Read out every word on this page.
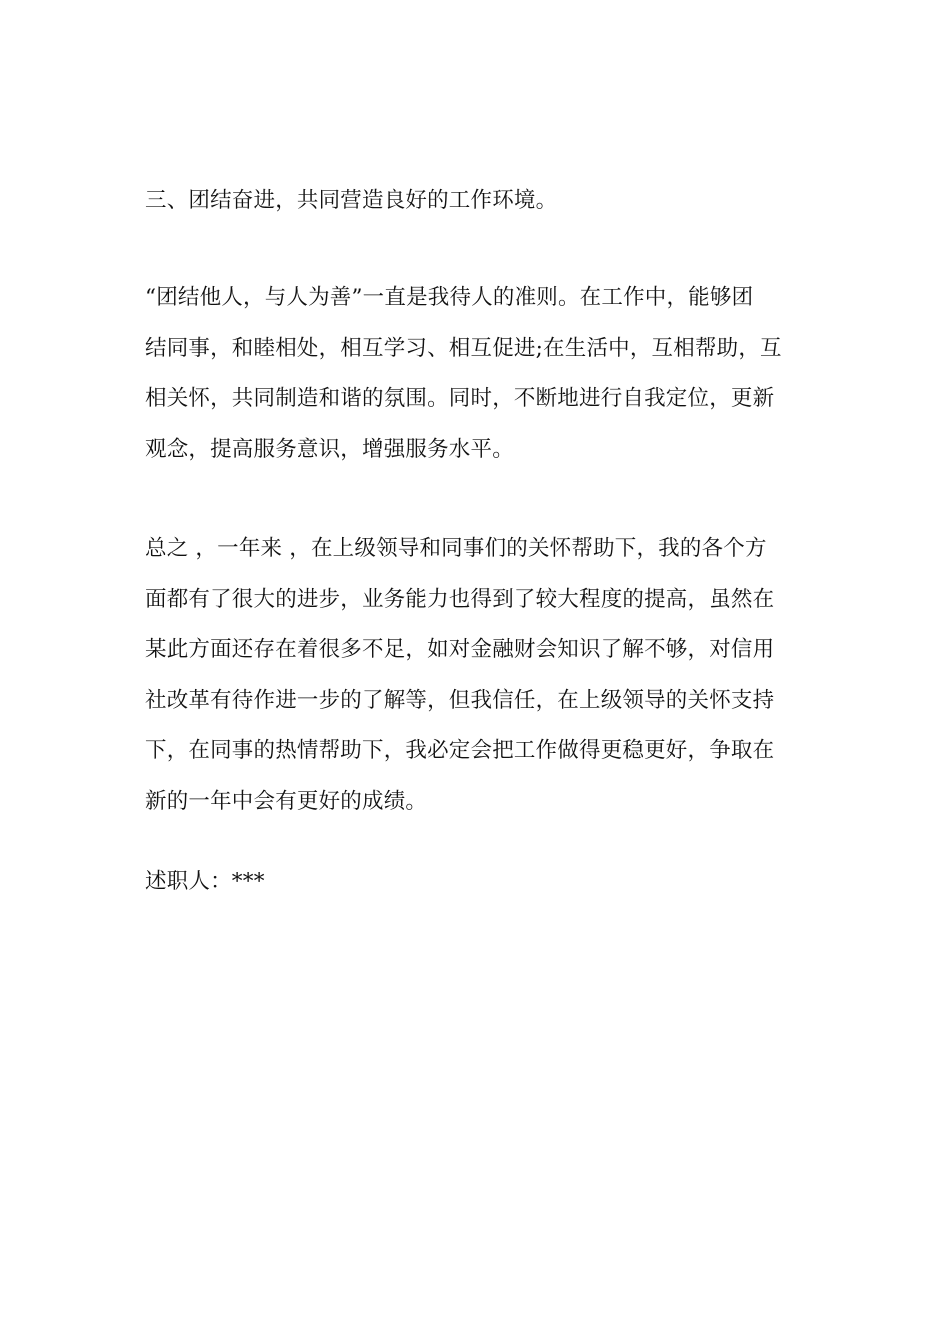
三、团结奋进，共同营造良好的工作环境。
“团结他人，与人为善”一直是我待人的准则。在工作中，能够团
结同事，和睦相处，相互学习、相互促进;在生活中，互相帮助，互
相关怀，共同制造和谐的氛围。同时，不断地进行自我定位，更新
观念，提高服务意识，增强服务水平。
总之 ，一年来 ，在上级领导和同事们的关怀帮助下，我的各个方
面都有了很大的进步，业务能力也得到了较大程度的提高，虽然在
某此方面还存在着很多不足，如对金融财会知识了解不够，对信用
社改革有待作进一步的了解等，但我信任，在上级领导的关怀支持
下，在同事的热情帮助下，我必定会把工作做得更稳更好，争取在
新的一年中会有更好的成绩。
述职人：***
